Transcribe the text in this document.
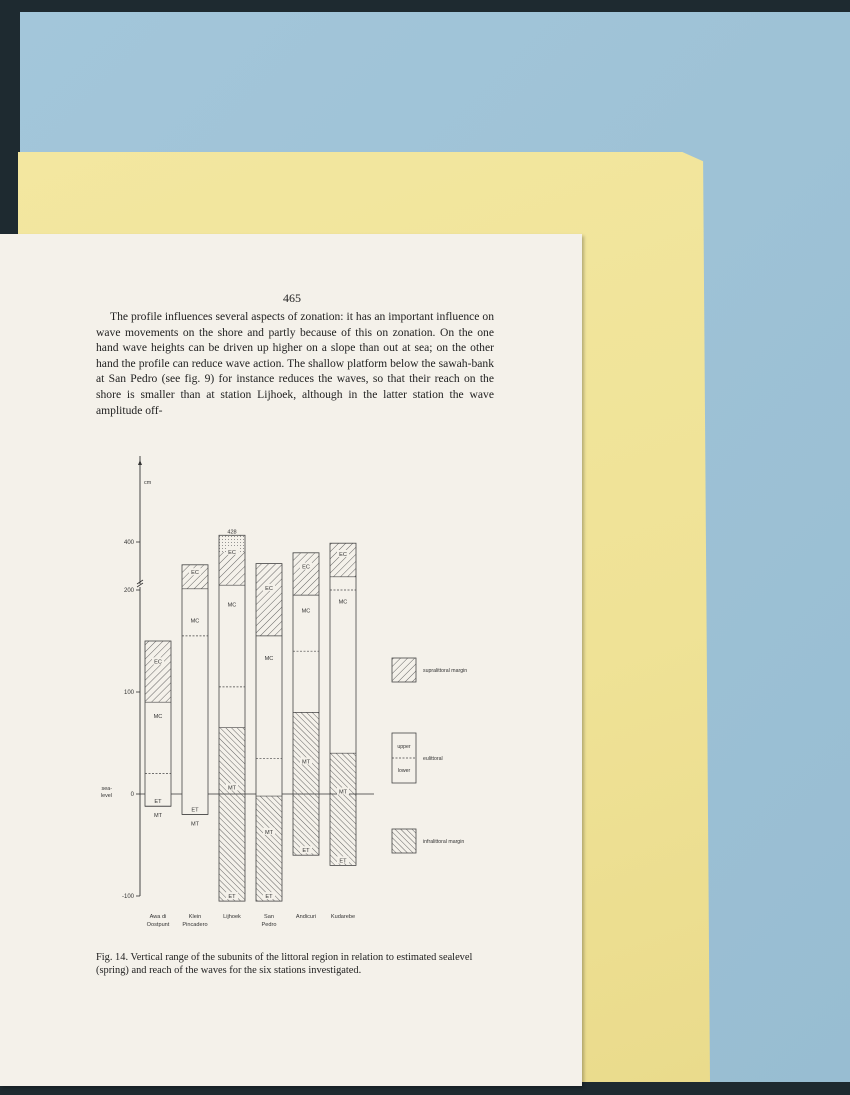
465

The profile influences several aspects of zonation: it has an important influence on wave movements on the shore and partly because of this on zonation. On the one hand wave heights can be driven up higher on a slope than out at sea; on the other hand the profile can reduce wave action. The shallow platform below the sawah-bank at San Pedro (see fig. 9) for instance reduces the waves, so that their reach on the shore is smaller than at station Lijhoek, although in the latter station the wave amplitude off-

cm
-100
0
100
200
400
sea-
level
EC
MC
MT
ET
EC
MC
MT
ET
EC
MC
MT
ET
EC
MC
MT
ET
EC
MC
MT
ET
EC
MC
MT
ET
Awa di
Oostpunt
Klein
Pincadero
Lijhoek
428
San
Pedro
Andicuri	Kudarebe
supralittoral margin
upper
lower
eulittoral
infralittoral margin
Fig. 14. Vertical range of the subunits of the littoral region in relation to estimated sealevel (spring) and reach of the waves for the six stations investigated.
